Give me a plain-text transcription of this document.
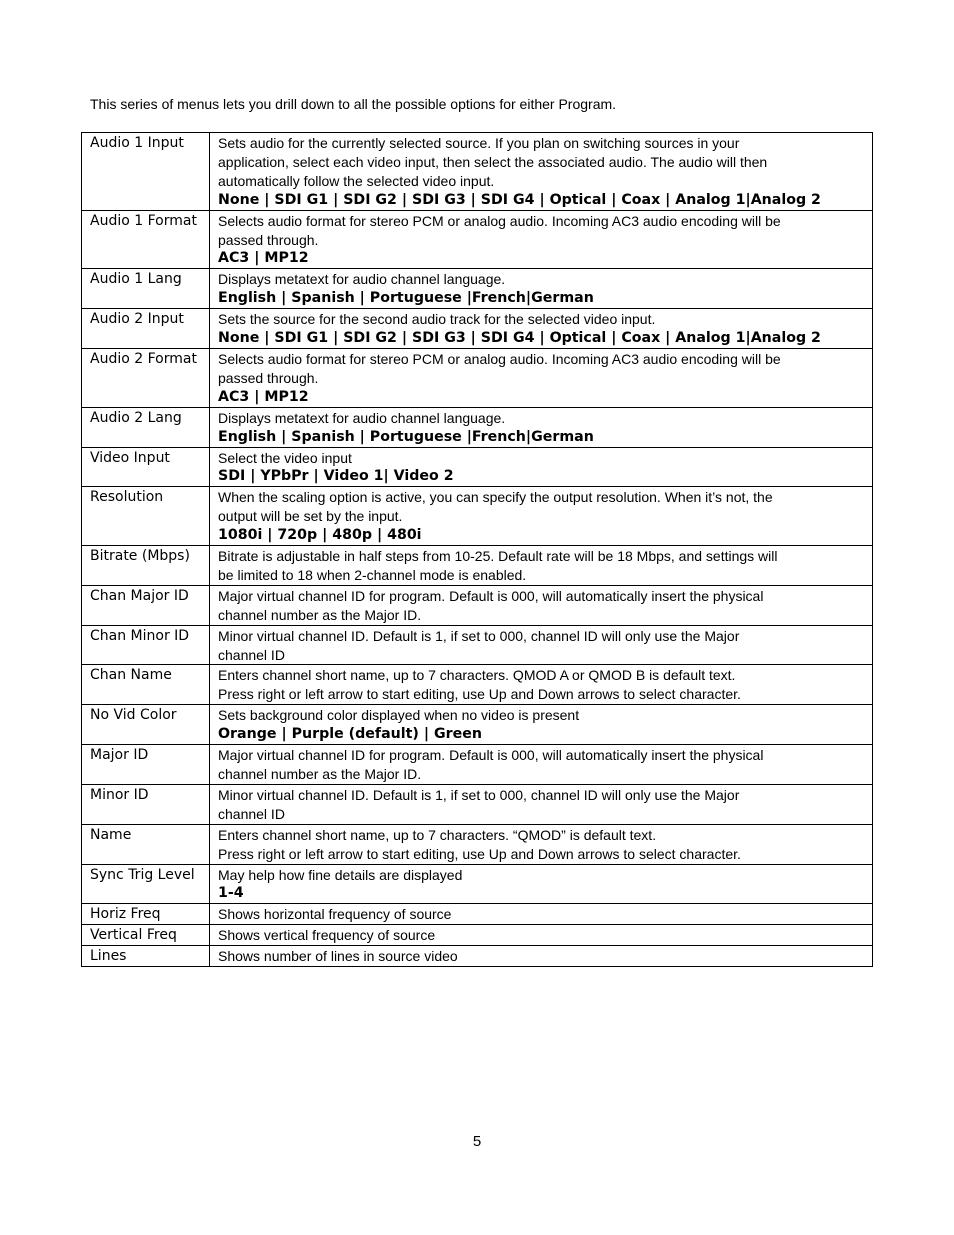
This series of menus lets you drill down to all the possible options for either Program.
Audio 1 Input	Sets audio for the currently selected source. If you plan on switching sources in your
application, select each video input, then select the associated audio. The audio will then
automatically follow the selected video input.
None | SDI G1 | SDI G2 | SDI G3 | SDI G4 | Optical | Coax | Analog 1|Analog 2

Audio 1 Format	Selects audio format for stereo PCM or analog audio. Incoming AC3 audio encoding will be
passed through.
AC3 | MP12

Audio 1 Lang	Displays metatext for audio channel language.
English | Spanish | Portuguese |French|German

Audio 2 Input	Sets the source for the second audio track for the selected video input.
None | SDI G1 | SDI G2 | SDI G3 | SDI G4 | Optical | Coax | Analog 1|Analog 2

Audio 2 Format	Selects audio format for stereo PCM or analog audio. Incoming AC3 audio encoding will be
passed through.
AC3 | MP12

Audio 2 Lang	Displays metatext for audio channel language.
English | Spanish | Portuguese |French|German

Video Input	Select the video input
SDI | YPbPr | Video 1| Video 2

Resolution	When the scaling option is active, you can specify the output resolution. When it’s not, the
output will be set by the input.
1080i | 720p | 480p | 480i

Bitrate (Mbps)	Bitrate is adjustable in half steps from 10-25. Default rate will be 18 Mbps, and settings will
be limited to 18 when 2-channel mode is enabled.

Chan Major ID	Major virtual channel ID for program. Default is 000, will automatically insert the physical
channel number as the Major ID.

Chan Minor ID	Minor virtual channel ID. Default is 1, if set to 000, channel ID will only use the Major
channel ID

Chan Name	Enters channel short name, up to 7 characters. QMOD A or QMOD B is default text.
Press right or left arrow to start editing, use Up and Down arrows to select character.

No Vid Color	Sets background color displayed when no video is present
Orange | Purple (default) | Green

Major ID	Major virtual channel ID for program. Default is 000, will automatically insert the physical
channel number as the Major ID.

Minor ID	Minor virtual channel ID. Default is 1, if set to 000, channel ID will only use the Major
channel ID

Name	Enters channel short name, up to 7 characters. “QMOD” is default text.
Press right or left arrow to start editing, use Up and Down arrows to select character.

Sync Trig Level	May help how fine details are displayed
1-4

Horiz Freq	Shows horizontal frequency of source

Vertical Freq	Shows vertical frequency of source

Lines	Shows number of lines in source video
5
